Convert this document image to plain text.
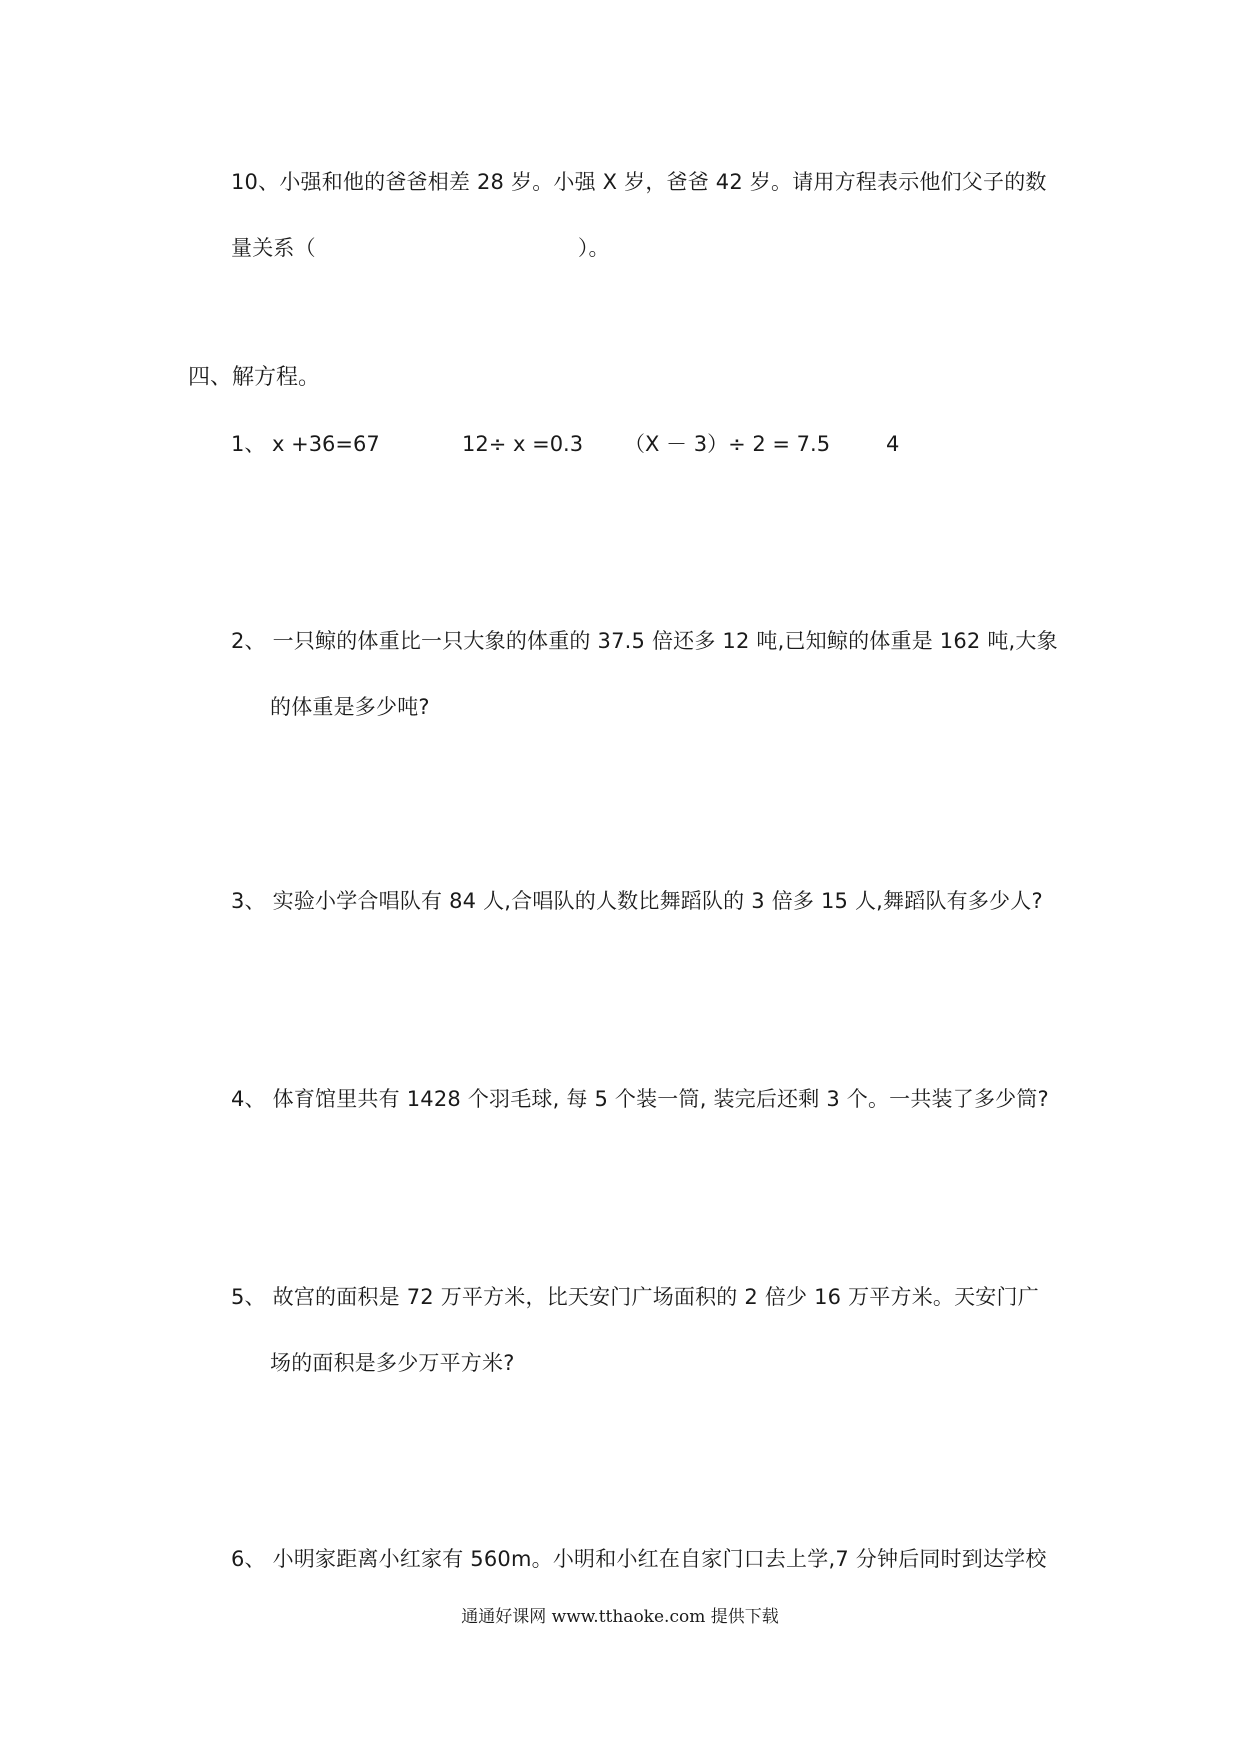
10、小强和他的爸爸相差 28 岁。小强 X 岁，爸爸 42 岁。请用方程表示他们父子的数
量关系（	）。
四、解方程。
1、 x +36=67	12÷ x =0.3 （X － 3）÷ 2 = 7.5	4
2、 一只鲸的体重比一只大象的体重的 37.5 倍还多 12 吨,已知鲸的体重是 162 吨,大象
的体重是多少吨?
3、 实验小学合唱队有 84 人,合唱队的人数比舞蹈队的 3 倍多 15 人,舞蹈队有多少人?
4、 体育馆里共有 1428 个羽毛球, 每 5 个装一筒, 装完后还剩 3 个。一共装了多少筒?
5、 故宫的面积是 72 万平方米，比天安门广场面积的 2 倍少 16 万平方米。天安门广
场的面积是多少万平方米?
6、 小明家距离小红家有 560m。小明和小红在自家门口去上学,7 分钟后同时到达学校
通通好课网 www.tthaoke.com 提供下载
